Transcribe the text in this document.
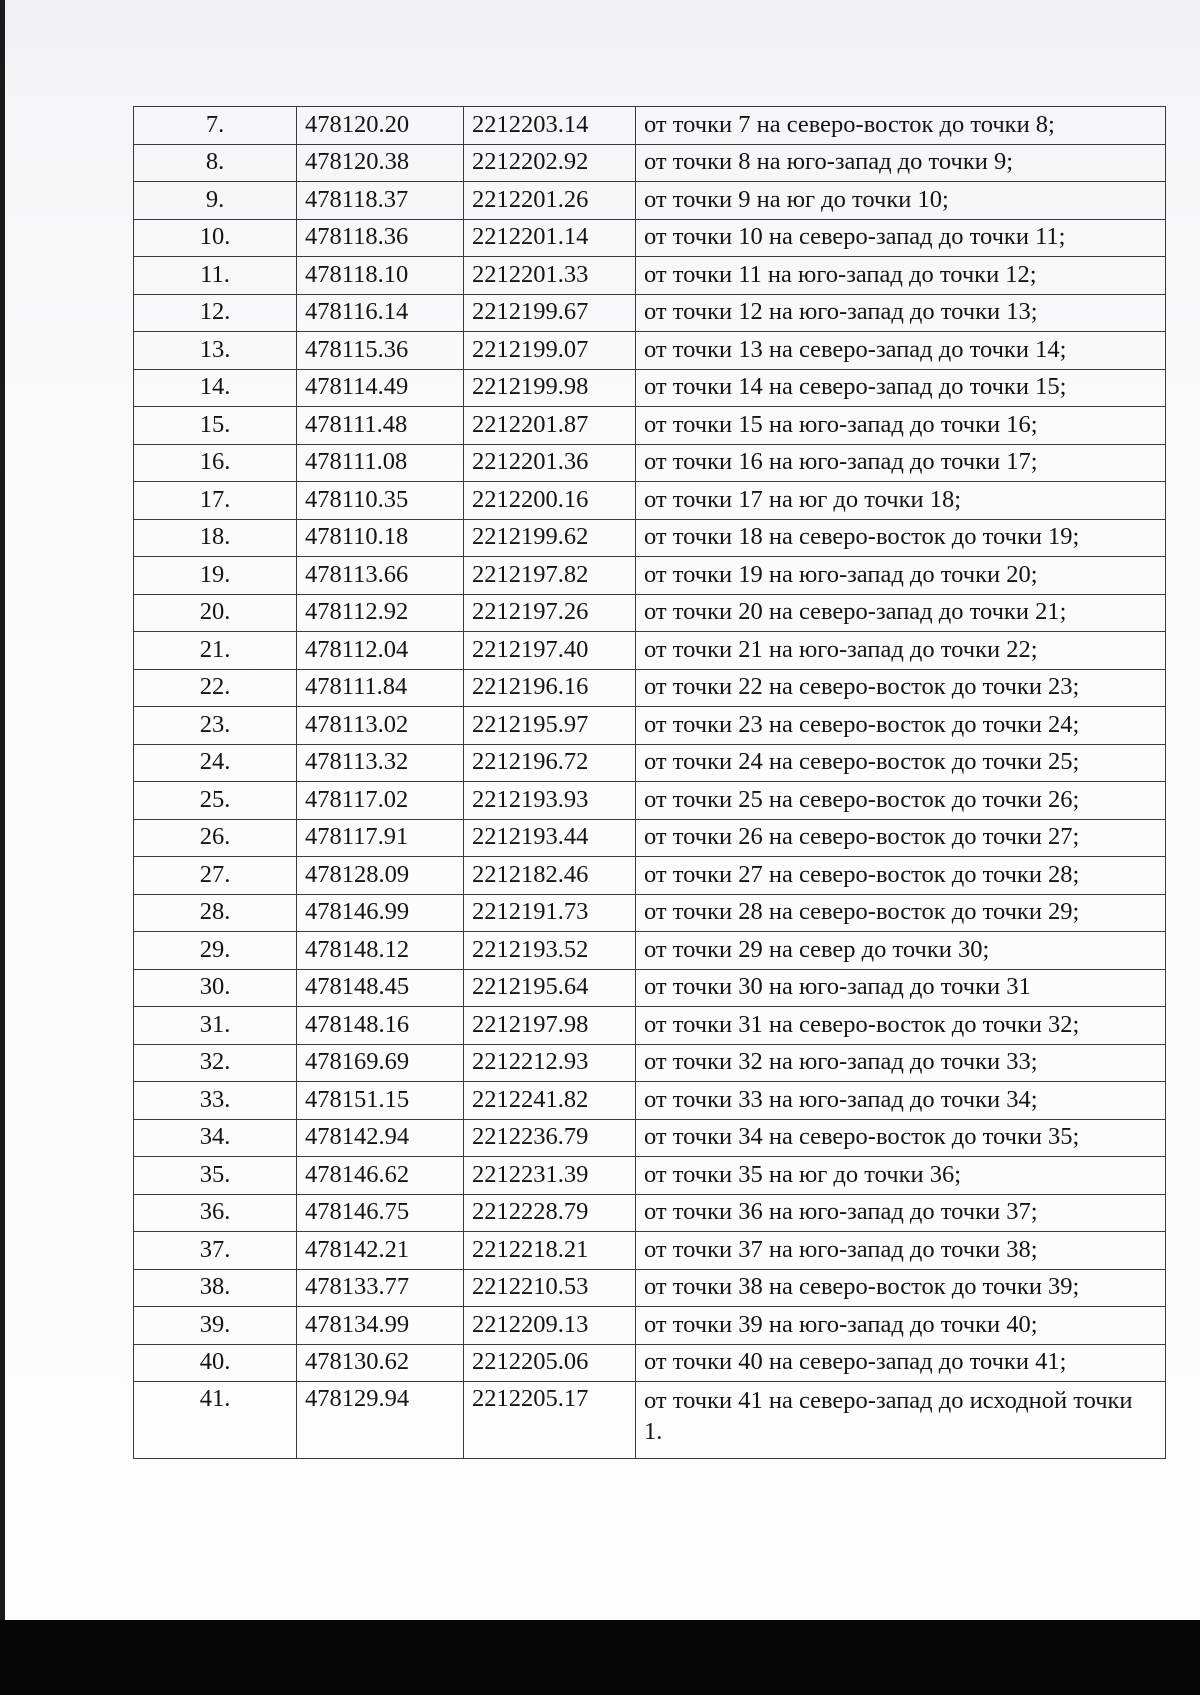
7.	478120.20	2212203.14	от точки 7 на северо-восток до точки 8;
8.	478120.38	2212202.92	от точки 8 на юго-запад до точки 9;
9.	478118.37	2212201.26	от точки 9 на юг до точки 10;
10.	478118.36	2212201.14	от точки 10 на северо-запад до точки 11;
11.	478118.10	2212201.33	от точки 11 на юго-запад до точки 12;
12.	478116.14	2212199.67	от точки 12 на юго-запад до точки 13;
13.	478115.36	2212199.07	от точки 13 на северо-запад до точки 14;
14.	478114.49	2212199.98	от точки 14 на северо-запад до точки 15;
15.	478111.48	2212201.87	от точки 15 на юго-запад до точки 16;
16.	478111.08	2212201.36	от точки 16 на юго-запад до точки 17;
17.	478110.35	2212200.16	от точки 17 на юг до точки 18;
18.	478110.18	2212199.62	от точки 18 на северо-восток до точки 19;
19.	478113.66	2212197.82	от точки 19 на юго-запад до точки 20;
20.	478112.92	2212197.26	от точки 20 на северо-запад до точки 21;
21.	478112.04	2212197.40	от точки 21 на юго-запад до точки 22;
22.	478111.84	2212196.16	от точки 22 на северо-восток до точки 23;
23.	478113.02	2212195.97	от точки 23 на северо-восток до точки 24;
24.	478113.32	2212196.72	от точки 24 на северо-восток до точки 25;
25.	478117.02	2212193.93	от точки 25 на северо-восток до точки 26;
26.	478117.91	2212193.44	от точки 26 на северо-восток до точки 27;
27.	478128.09	2212182.46	от точки 27 на северо-восток до точки 28;
28.	478146.99	2212191.73	от точки 28 на северо-восток до точки 29;
29.	478148.12	2212193.52	от точки 29 на север до точки 30;
30.	478148.45	2212195.64	от точки 30 на юго-запад до точки 31
31.	478148.16	2212197.98	от точки 31 на северо-восток до точки 32;
32.	478169.69	2212212.93	от точки 32 на юго-запад до точки 33;
33.	478151.15	2212241.82	от точки 33 на юго-запад до точки 34;
34.	478142.94	2212236.79	от точки 34 на северо-восток до точки 35;
35.	478146.62	2212231.39	от точки 35 на юг до точки 36;
36.	478146.75	2212228.79	от точки 36 на юго-запад до точки 37;
37.	478142.21	2212218.21	от точки 37 на юго-запад до точки 38;
38.	478133.77	2212210.53	от точки 38 на северо-восток до точки 39;
39.	478134.99	2212209.13	от точки 39 на юго-запад до точки 40;
40.	478130.62	2212205.06	от точки 40 на северо-запад до точки 41;
41.	478129.94	2212205.17	от точки 41 на северо-запад до исходной точки 1.
